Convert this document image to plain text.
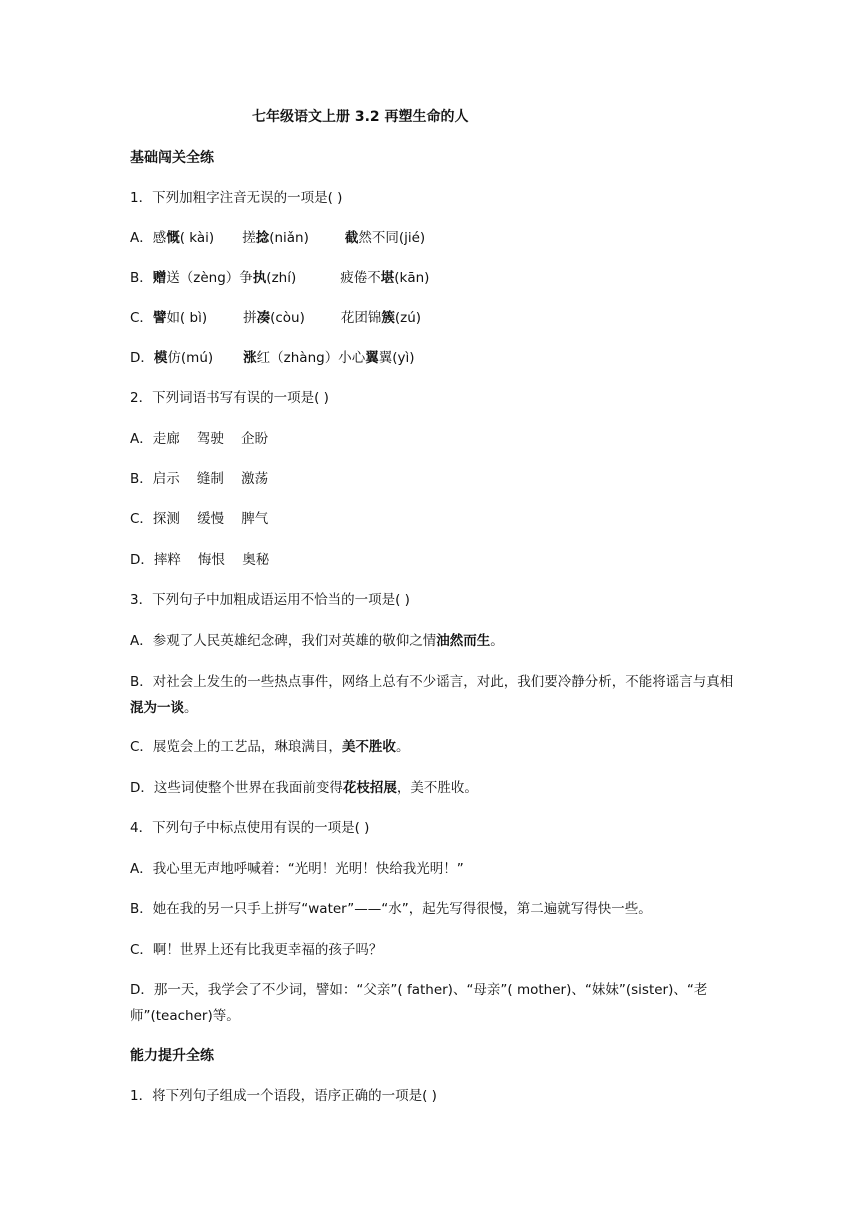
七年级语文上册 3.2 再塑生命的人
基础闯关全练
1．下列加粗字注音无误的一项是( )
A．感慨( kài) 搓捻(niǎn)	截然不同(jié)
B．赠送（zèng）争执(zhí)	疲倦不堪(kān)
C．譬如( bì)	拼凑(còu)	花团锦簇(zú)
D．模仿(mú) 涨红（zhàng）小心翼翼(yì)
2．下列词语书写有误的一项是( )
A．走廊    驾驶    企盼
B．启示    缝制    激荡
C．探测    缓慢    脾气
D．摔粹    悔恨    奥秘
3．下列句子中加粗成语运用不恰当的一项是( )
A．参观了人民英雄纪念碑，我们对英雄的敬仰之情油然而生。
B．对社会上发生的一些热点事件，网络上总有不少谣言，对此，我们要冷静分析，不能将谣言与真相混为一谈。
C．展览会上的工艺品，琳琅满目，美不胜收。
D．这些词使整个世界在我面前变得花枝招展，美不胜收。
4．下列句子中标点使用有误的一项是( )
A．我心里无声地呼喊着：“光明！光明！快给我光明！”
B．她在我的另一只手上拼写“water”——“水”，起先写得很慢，第二遍就写得快一些。
C．啊！世界上还有比我更幸福的孩子吗？
D．那一天，我学会了不少词，譬如：“父亲”( father)、“母亲”( mother)、“妹妹”(sister)、“老师”(teacher)等。
能力提升全练
1．将下列句子组成一个语段，语序正确的一项是( )
